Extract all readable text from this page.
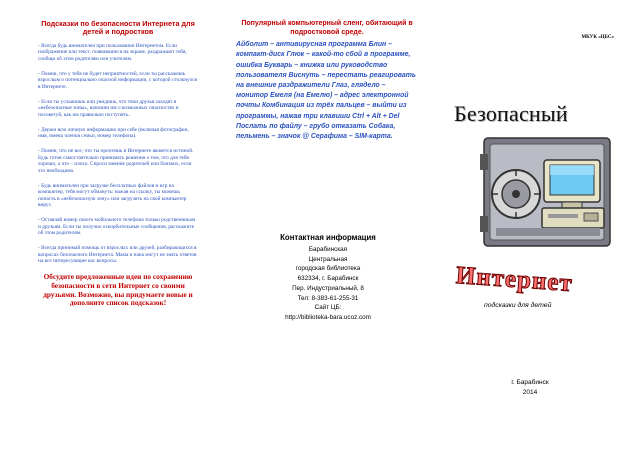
Подсказки по безопасности Интернета для детей и подростков
- Всегда будь внимателен при пользовании Интернетом. Если изображение или текст, появившиеся на экране, раздражают тебя, сообщи об этом родителям или учителям.
- Помни, что у тебя не будет неприятностей, если ты расскажешь взрослым о потенциально опасной информации, с которой столкнулся в Интернете.
- Если ты услышишь или увидишь, что твои друзья заходят в «небезопасные зоны», напомни им о возможных опасностях и посоветуй, как им правильно поступить.
- Держи всю личную информацию при себе (включая фотографии, имя, имена членов семьи, номер телефона).
- Помни, что не все, что ты прочтешь в Интернете является истиной. Будь готов самостоятельно принимать решения о том, что для тебя хорошо, а что – плохо. Спроси мнение родителей или близких, если это необходимо.
- Будь внимателен при загрузке бесплатных файлов и игр на компьютер, тебя могут обмануть: нажав на ссылку, ты можешь попасть в «небезопасную зону» или загрузить на свой компьютер вирус.
- Оставляй номер своего мобильного телефона только родственникам и друзьям. Если ты получил оскорбительные сообщения, расскажите об этом родителям.
- Всегда принимай помощь от взрослых или друзей, разбирающихся в вопросах безопасного Интернета. Мама и папа могут не знать ответов на все интересующие вас вопросы.
Обсудите предложенные идеи по сохранению безопасности в сети Интернет со своими друзьями. Возможно, вы придумаете новые и дополните список подсказок!
Популярный компьютерный сленг, обитающий в подростковой среде.
Айболит – антивирусная программа Блин – компакт-диск Глюк – какой-то сбой в программе, ошибка Букварь – книжка или руководство пользователя Виснуть – перестать реагировать на внешние раздражители Глаз, глядело – монитор Емеля (на Емелю) – адрес электронной почты Комбинация из трёх пальцев – выйти из программы, нажав три клавиши Ctrl + Alt + Del Послать по файлу – грубо отказать Собака, пельмень – значок @ Серафима – SIM-карта.
Контактная информация
Барабинская
Центральная
городская библиотека
632334, г. Барабинск
Пер. Индустриальный, 8
Тел: 8-383-61-255-31
Сайт ЦБ:
http://biblioteka-bara.ucoz.com
МКУК «ЦБС»
Безопасный
Интернет
подсказки для детей
г. Барабинск
2014
